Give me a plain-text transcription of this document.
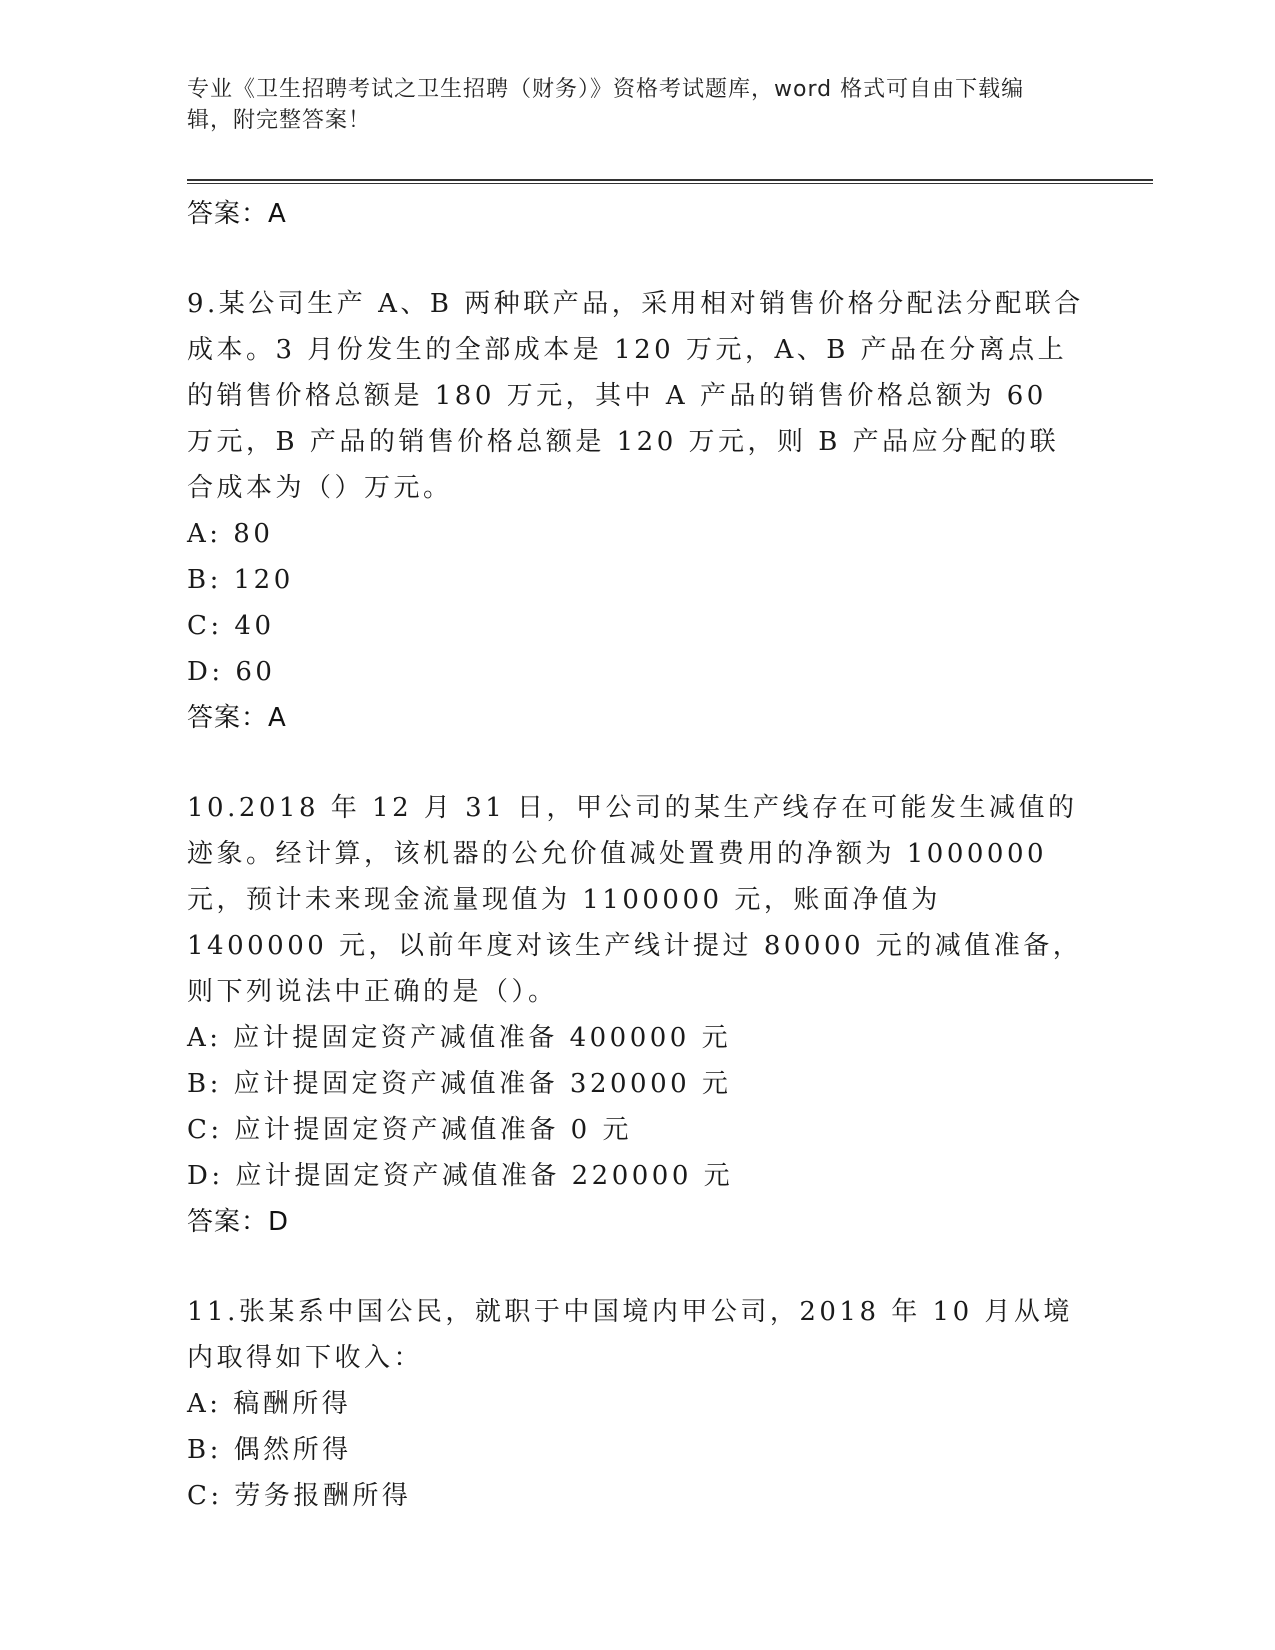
专业《卫生招聘考试之卫生招聘（财务）》资格考试题库，word 格式可自由下载编辑，附完整答案！
答案：A
9.某公司生产 A、B 两种联产品，采用相对销售价格分配法分配联合成本。3 月份发生的全部成本是 120 万元，A、B 产品在分离点上的销售价格总额是 180 万元，其中 A 产品的销售价格总额为 60 万元，B 产品的销售价格总额是 120 万元，则 B 产品应分配的联合成本为（）万元。
A: 80
B: 120
C: 40
D: 60
答案：A
10.2018 年 12 月 31 日，甲公司的某生产线存在可能发生减值的迹象。经计算，该机器的公允价值减处置费用的净额为 1000000 元，预计未来现金流量现值为 1100000 元，账面净值为 1400000 元，以前年度对该生产线计提过 80000 元的减值准备，则下列说法中正确的是（）。
A: 应计提固定资产减值准备 400000 元
B: 应计提固定资产减值准备 320000 元
C: 应计提固定资产减值准备 0 元
D: 应计提固定资产减值准备 220000 元
答案：D
11.张某系中国公民，就职于中国境内甲公司，2018 年 10 月从境内取得如下收入：
A: 稿酬所得
B: 偶然所得
C: 劳务报酬所得
